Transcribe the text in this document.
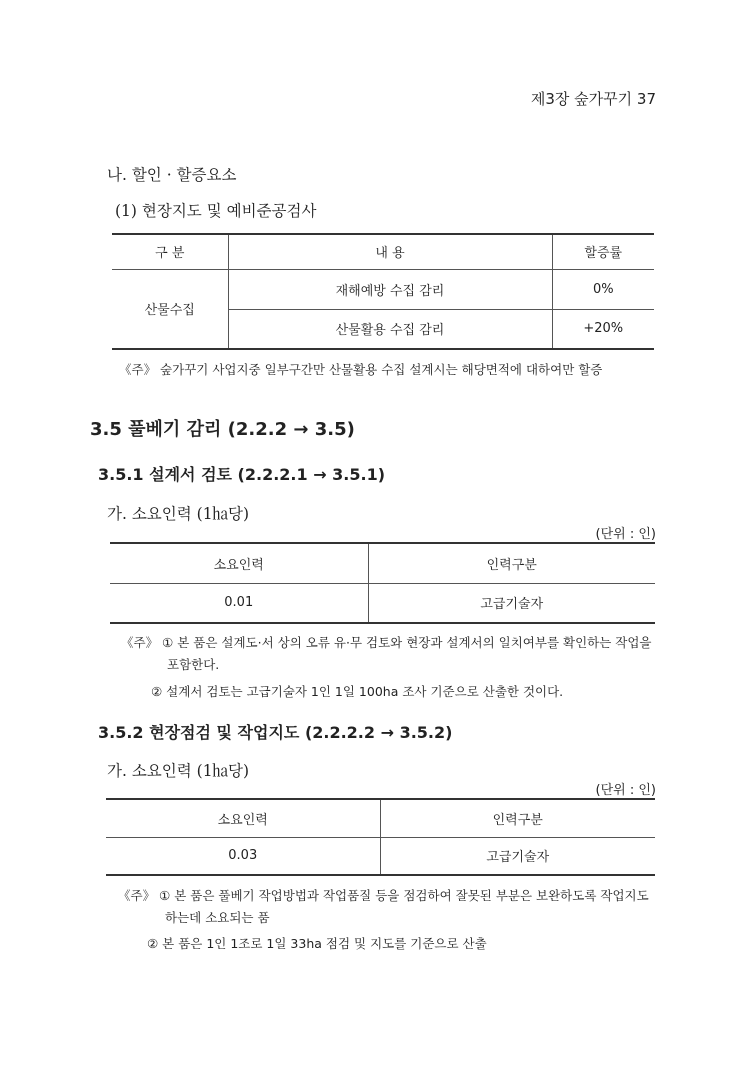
제3장 숲가꾸기 37
나. 할인 · 할증요소
(1) 현장지도 및 예비준공검사
구 분	내 용	할증률
산물수집	재해예방 수집 감리	0%
	산물활용 수집 감리	+20%
《주》 숲가꾸기 사업지중 일부구간만 산물활용 수집 설계시는 해당면적에 대하여만 할증
3.5 풀베기 감리 (2.2.2 → 3.5)
3.5.1 설계서 검토 (2.2.2.1 → 3.5.1)
가. 소요인력 (1㏊당)
(단위 : 인)
소요인력	인력구분
0.01	고급기술자
《주》 ① 본 품은 설계도·서 상의 오류 유·무 검토와 현장과 설계서의 일치여부를 확인하는 작업을
포함한다.
② 설계서 검토는 고급기술자 1인 1일 100ha 조사 기준으로 산출한 것이다.
3.5.2 현장점검 및 작업지도 (2.2.2.2 → 3.5.2)
가. 소요인력 (1㏊당)
(단위 : 인)
소요인력	인력구분
0.03	고급기술자
《주》 ① 본 품은 풀베기 작업방법과 작업품질 등을 점검하여 잘못된 부분은 보완하도록 작업지도
하는데 소요되는 품
② 본 품은 1인 1조로 1일 33ha 점검 및 지도를 기준으로 산출
